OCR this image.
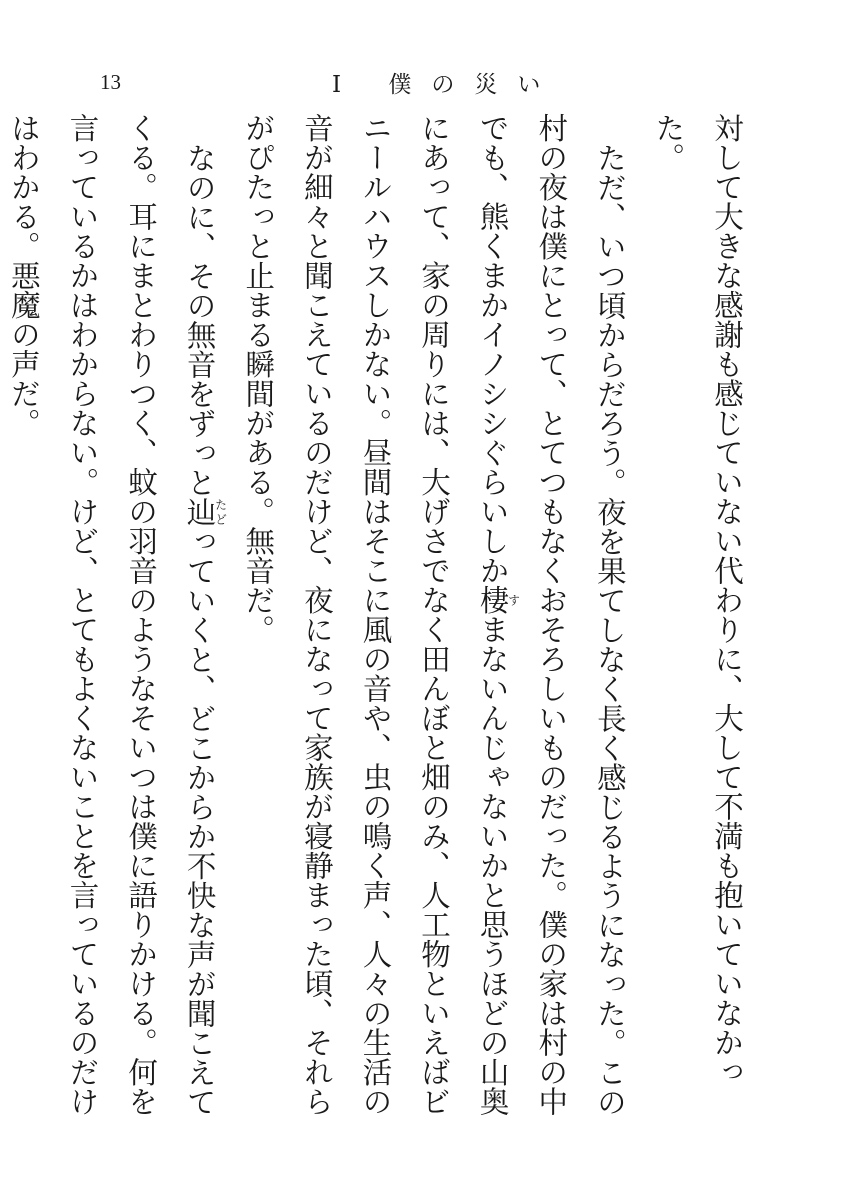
13	I 僕の災い

対して大きな感謝も感じていない代わりに、大して不満も抱いていなかった。

ただ、いつ頃からだろう。夜を果てしなく長く感じるようになった。この村の夜は僕にとって、とてつもなくおそろしいものだった。僕の家は村の中でも、熊くまかイノシシぐらいしか棲すまないんじゃないかと思うほどの山奥にあって、家の周りには、大げさでなく田んぼと畑のみ、人工物といえばビニールハウスしかない。昼間はそこに風の音や、虫の鳴く声、人々の生活の音が細々と聞こえているのだけど、夜になって家族が寝静まった頃、それらがぴたっと止まる瞬間がある。無音だ。

なのに、その無音をずっと辿たどっていくと、どこからか不快な声が聞こえてくる。耳にまとわりつく、蚊の羽音のようなそいつは僕に語りかける。何を言っているかはわからない。けど、とてもよくないことを言っているのだけはわかる。悪魔の声だ。
